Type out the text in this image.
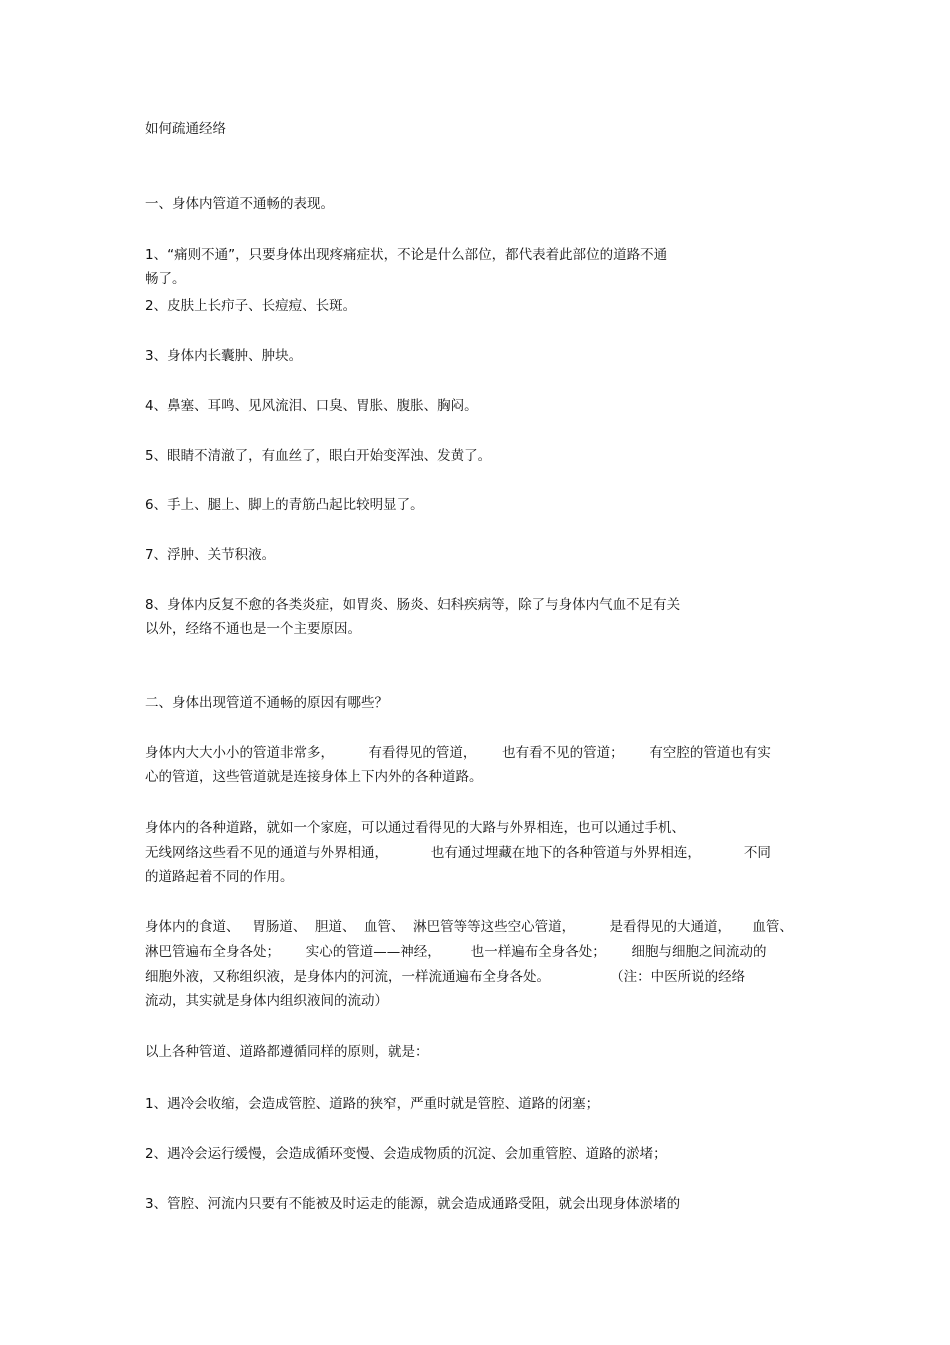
如何疏通经络

一、身体内管道不通畅的表现。

1、“痛则不通”，只要身体出现疼痛症状，不论是什么部位，都代表着此部位的道路不通

畅了。

2、皮肤上长疖子、长痘痘、长斑。

3、身体内长囊肿、肿块。

4、鼻塞、耳鸣、见风流泪、口臭、胃胀、腹胀、胸闷。

5、眼睛不清澈了，有血丝了，眼白开始变浑浊、发黄了。

6、手上、腿上、脚上的青筋凸起比较明显了。

7、浮肿、关节积液。

8、身体内反复不愈的各类炎症，如胃炎、肠炎、妇科疾病等，除了与身体内气血不足有关

以外，经络不通也是一个主要原因。

二、身体出现管道不通畅的原因有哪些？

身体内大大小小的管道非常多，        有看得见的管道，      也有看不见的管道；      有空腔的管道也有实

心的管道，这些管道就是连接身体上下内外的各种道路。

身体内的各种道路，就如一个家庭，可以通过看得见的大路与外界相连，也可以通过手机、

无线网络这些看不见的通道与外界相通，          也有通过埋藏在地下的各种管道与外界相连，          不同

的道路起着不同的作用。

身体内的食道、   胃肠道、  胆道、  血管、  淋巴管等等这些空心管道，        是看得见的大通道，     血管、

淋巴管遍布全身各处；      实心的管道——神经，       也一样遍布全身各处；      细胞与细胞之间流动的

细胞外液，又称组织液，是身体内的河流，一样流通遍布全身各处。              （注：中医所说的经络

流动，其实就是身体内组织液间的流动）

以上各种管道、道路都遵循同样的原则，就是：

1、遇冷会收缩，会造成管腔、道路的狭窄，严重时就是管腔、道路的闭塞；

2、遇冷会运行缓慢，会造成循环变慢、会造成物质的沉淀、会加重管腔、道路的淤堵；

3、管腔、河流内只要有不能被及时运走的能源，就会造成通路受阻，就会出现身体淤堵的
